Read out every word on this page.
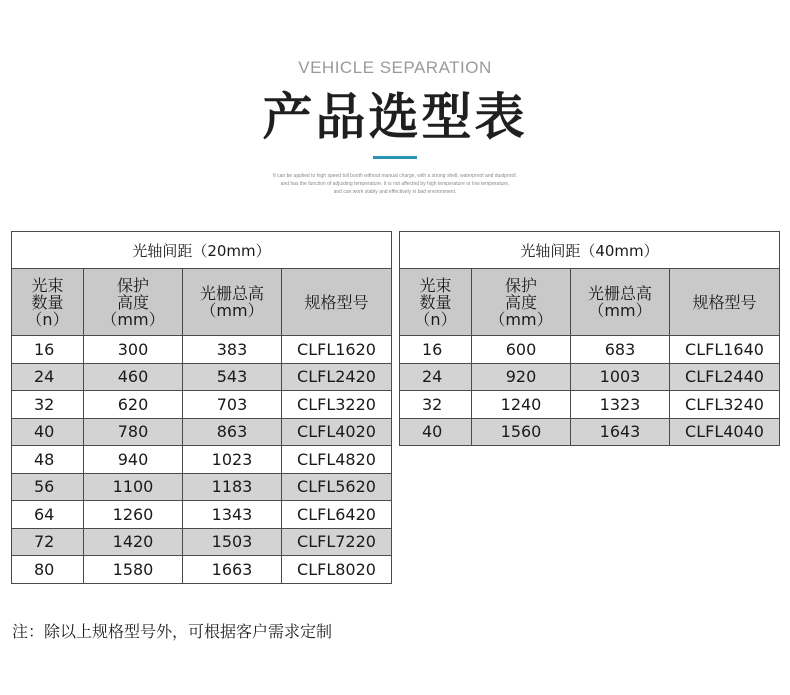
VEHICLE SEPARATION
产品选型表
It can be applied to high speed toll booth without manual charge, with a strong shell, waterproof and dustproof,
and has the function of adjusting temperature. It is not affected by high temperature or low temperature,
and can work stably and effectively in bad environment.
光轴间距（20mm）			

光束
数量
（n）	保护
高度
（mm）	光栅总高
（mm）	规格型号

16	300	383	CLFL1620
24	460	543	CLFL2420
32	620	703	CLFL3220
40	780	863	CLFL4020
48	940	1023	CLFL4820
56	1100	1183	CLFL5620
64	1260	1343	CLFL6420
72	1420	1503	CLFL7220
80	1580	1663	CLFL8020
光轴间距（40mm）			

光束
数量
（n）	保护
高度
（mm）	光栅总高
（mm）	规格型号

16	600	683	CLFL1640
24	920	1003	CLFL2440
32	1240	1323	CLFL3240
40	1560	1643	CLFL4040
注：除以上规格型号外，可根据客户需求定制
